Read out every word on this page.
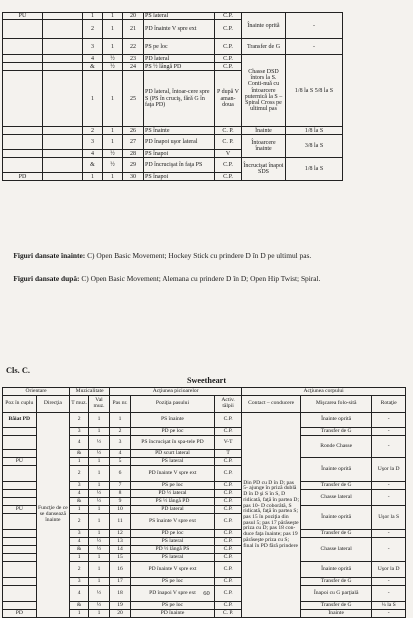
PU		1	1	20	PS lateral	C.P.	Înainte oprită	-
		2	1	21	PD înainte V spre ext	C.P.		
		3	1	22	PS pe loc	C.P.	Transfer de G	-
		4	½	23	PD lateral	C.P.	Chasse DSD întors la S. Conti-nuă cu întoarcere puternică la S – Spiral Cross pe ultimul pas	1/8 la S 5/8 la S
		&	½	24	PS ½ lângă PD	C.P.		
		1	1	25	PD lateral, întoar-cere spre S (PS în cruciş, fără G în faţa PD)	P după V aman-doua		
		2	1	26	PS înainte	C. P.	Înainte	1/8 la S
		3	1	27	PD înapoi uşor lateral	C. P.	Întoarcere înainte	3/8 la S
		4	½	28	PS înapoi	V		
		&	½	29	PD încrucişat în faţa PS	C.P.	Încrucişat înapoi SDS	1/8 la S
PD		1	1	30	PS înapoi	C.P.		
Figuri dansate înainte: C) Open Basic Movement; Hockey Stick cu prindere D în D pe ultimul pas.
Figuri dansate după: C) Open Basic Movement; Alemana cu prindere D în D; Open Hip Twist; Spiral.
Cls. C.
Sweetheart
Orientare		Muzicalitate		Acţiunea picioarelor			Acţiunea corpului		
Poz în cuplu	Direcţia	T muz.	Val muz.	Pas nr.	Poziţia pasului	Activ. tălpii	Contact – conducere	Mişcarea folo-sită	Rotaţie
Băiat PD	Funcţie de ce se dansează înainte	2	1	1	PS înainte	C.P.	Din PD cu D în D; pas 5- ajunge în priză dublă D în D şi S în S, D ridicată, faţă în partea D; pas 10- D coborâtă, S ridicată, faţă în partea S; pas 15 în poziţia din pasul 5; pas 17 părăseşte priza cu D; pas 18 con-duce faţa înainte; pas 19 părăseşte priza cu S; final în PD fără prindere	Înainte oprită	-
		3	1	2	PD pe loc	C.P.		Transfer de G	-
		4	½	3	PS încrucişat în spa-tele PD	V-T		Ronde Chasse	-
		&	½	4	PD scurt lateral	T			
PU		1	1	5	PS lateral	C.P.		Înainte oprită	Uşor la D
		2	1	6	PD înainte V spre ext	C.P.			
		3	1	7	PS pe loc	C.P.		Transfer de G	-
		4	½	8	PD ½ lateral	C.P.		Chasse lateral	-
		&	½	9	PS ½ lângă PD	C.P.			
PU		1	1	10	PD lateral	C.P.		Înainte oprită	Uşor la S
		2	1	11	PS înainte V spre ext	C.P.			
		3	1	12	PD pe loc	C.P.		Transfer de G	-
		4	½	13	PS lateral	C.P.		Chasse lateral	-
		&	½	14	PD ½ lângă PS	C.P.			
		1	1	15	PS lateral	C.P.			
		2	1	16	PD înainte V spre ext	C.P.		Înainte oprită	Uşor la D
		3	1	17	PS pe loc	C.P.		Transfer de G	-
		4	½	18	PD înapoi V spre ext	C.P.		Înapoi cu G parţială	-
		&	½	19	PS pe loc	C.P.		Transfer de G	¼ la S
PD		1	1	20	PD înainte	C. P.		Înainte	-
60
